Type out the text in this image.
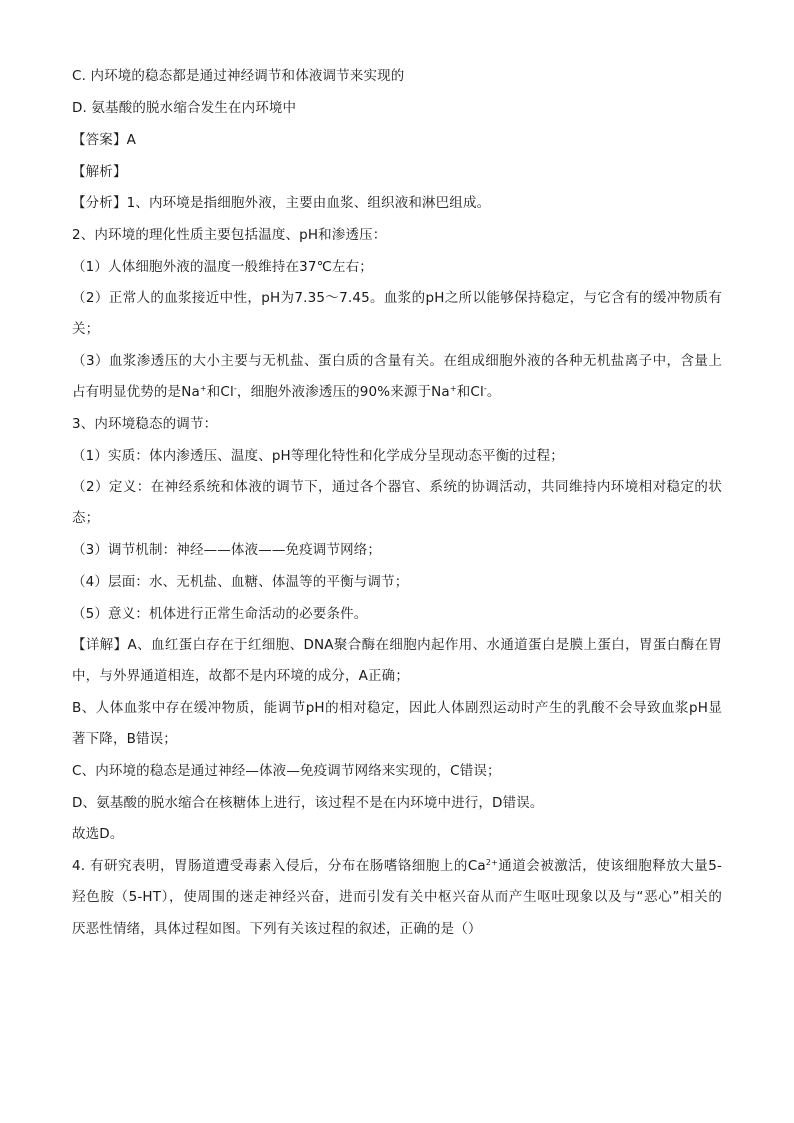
C. 内环境的稳态都是通过神经调节和体液调节来实现的
D. 氨基酸的脱水缩合发生在内环境中
【答案】A
【解析】
【分析】1、内环境是指细胞外液，主要由血浆、组织液和淋巴组成。
2、内环境的理化性质主要包括温度、pH和渗透压：
（1）人体细胞外液的温度一般维持在37℃左右；
（2）正常人的血浆接近中性，pH为7.35～7.45。血浆的pH之所以能够保持稳定，与它含有的缓冲物质有
关；
（3）血浆渗透压的大小主要与无机盐、蛋白质的含量有关。在组成细胞外液的各种无机盐离子中，含量上
占有明显优势的是Na+和Cl-，细胞外液渗透压的90%来源于Na+和Cl-。
3、内环境稳态的调节：
（1）实质：体内渗透压、温度、pH等理化特性和化学成分呈现动态平衡的过程；
（2）定义：在神经系统和体液的调节下，通过各个器官、系统的协调活动，共同维持内环境相对稳定的状
态；
（3）调节机制：神经——体液——免疫调节网络；
（4）层面：水、无机盐、血糖、体温等的平衡与调节；
（5）意义：机体进行正常生命活动的必要条件。
【详解】A、血红蛋白存在于红细胞、DNA聚合酶在细胞内起作用、水通道蛋白是膜上蛋白，胃蛋白酶在胃
中，与外界通道相连，故都不是内环境的成分，A正确；
B、人体血浆中存在缓冲物质，能调节pH的相对稳定，因此人体剧烈运动时产生的乳酸不会导致血浆pH显
著下降，B错误；
C、内环境的稳态是通过神经—体液—免疫调节网络来实现的，C错误；
D、氨基酸的脱水缩合在核糖体上进行，该过程不是在内环境中进行，D错误。
故选D。
4. 有研究表明，胃肠道遭受毒素入侵后，分布在肠嗜铬细胞上的$Ca^{2+}$通道会被激活，使该细胞释放大量5-
羟色胺（5-HT），使周围的迷走神经兴奋，进而引发有关中枢兴奋从而产生呕吐现象以及与“恶心”相关的
厌恶性情绪，具体过程如图。下列有关该过程的叙述，正确的是（）
